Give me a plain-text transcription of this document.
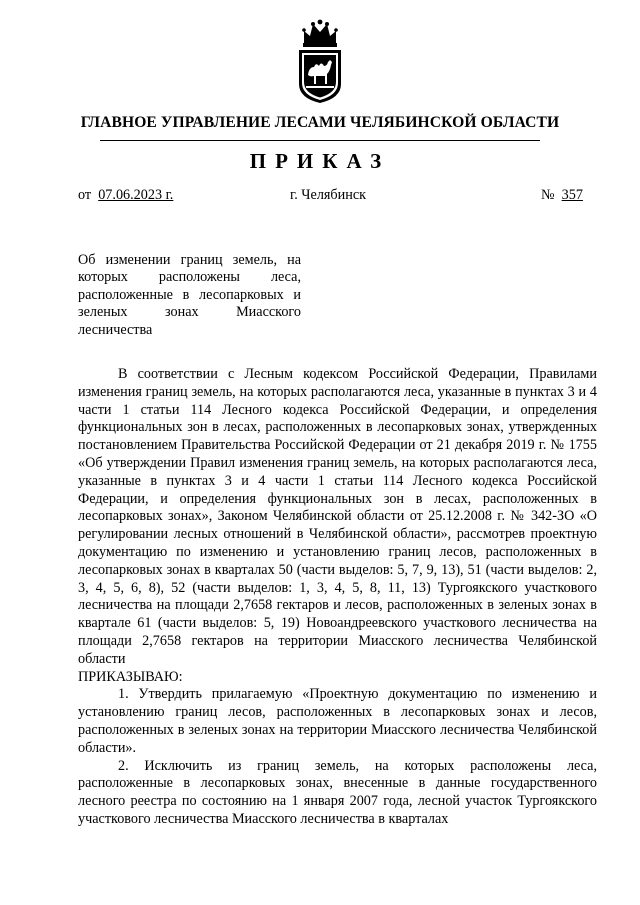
ГЛАВНОЕ УПРАВЛЕНИЕ ЛЕСАМИ ЧЕЛЯБИНСКОЙ ОБЛАСТИ
ПРИКАЗ
от 07.06.2023 г.	г. Челябинск	№ 357
Об изменении границ земель, на
которых расположены леса,
расположенные в лесопарковых и
зеленых зонах Миасского
лесничества

В соответствии с Лесным кодексом Российской Федерации, Правилами изменения границ земель, на которых располагаются леса, указанные в пунктах 3 и 4 части 1 статьи 114 Лесного кодекса Российской Федерации, и определения функциональных зон в лесах, расположенных в лесопарковых зонах, утвержденных постановлением Правительства Российской Федерации от 21 декабря 2019 г. № 1755 «Об утверждении Правил изменения границ земель, на которых располагаются леса, указанные в пунктах 3 и 4 части 1 статьи 114 Лесного кодекса Российской Федерации, и определения функциональных зон в лесах, расположенных в лесопарковых зонах», Законом Челябинской области от 25.12.2008 г. № 342-ЗО «О регулировании лесных отношений в Челябинской области», рассмотрев проектную документацию по изменению и установлению границ лесов, расположенных в лесопарковых зонах в кварталах 50 (части выделов: 5, 7, 9, 13), 51 (части выделов: 2, 3, 4, 5, 6, 8), 52 (части выделов: 1, 3, 4, 5, 8, 11, 13) Тургоякского участкового лесничества на площади 2,7658 гектаров и лесов, расположенных в зеленых зонах в квартале 61 (части выделов: 5, 19) Новоандреевского участкового лесничества на площади 2,7658 гектаров на территории Миасского лесничества Челябинской области

ПРИКАЗЫВАЮ:

1. Утвердить прилагаемую «Проектную документацию по изменению и установлению границ лесов, расположенных в лесопарковых зонах и лесов, расположенных в зеленых зонах на территории Миасского лесничества Челябинской области».

2. Исключить из границ земель, на которых расположены леса, расположенные в лесопарковых зонах, внесенные в данные государственного лесного реестра по состоянию на 1 января 2007 года, лесной участок Тургоякского участкового лесничества Миасского лесничества в кварталах
